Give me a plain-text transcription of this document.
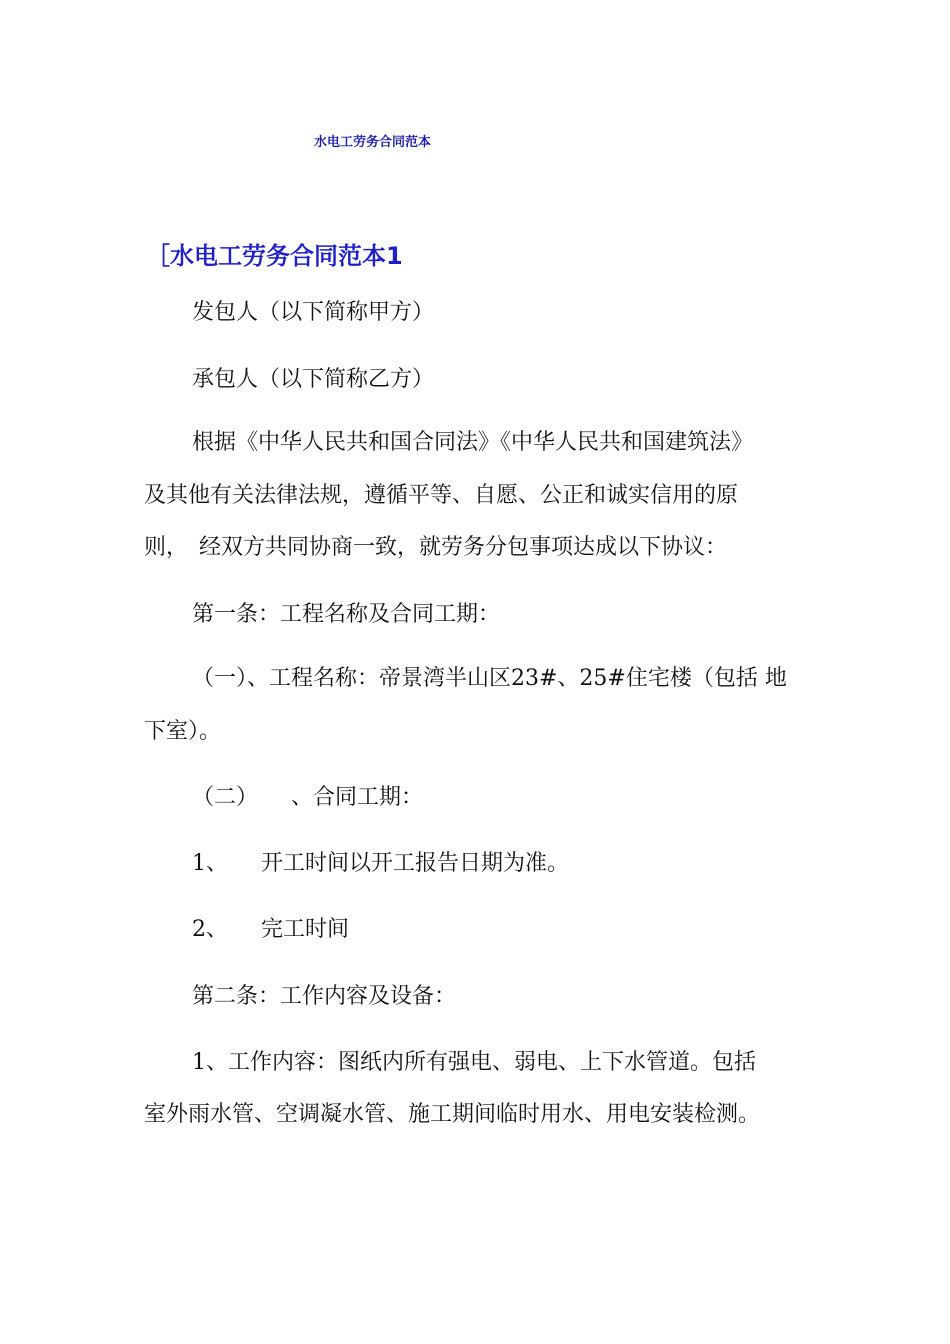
水电工劳务合同范本
［水电工劳务合同范本1
发包人（以下简称甲方）
承包人（以下简称乙方）
根据《中华人民共和国合同法》《中华人民共和国建筑法》
及其他有关法律法规，遵循平等、自愿、公正和诚实信用的原
则，　经双方共同协商一致，就劳务分包事项达成以下协议：
第一条：工程名称及合同工期：
（一）、工程名称：帝景湾半山区23#、25#住宅楼（包括 地
下室）。
（二）　　、合同工期：
1、　　开工时间以开工报告日期为准。
2、　　完工时间
第二条：工作内容及设备：
1、工作内容：图纸内所有强电、弱电、上下水管道。包括
室外雨水管、空调凝水管、施工期间临时用水、用电安装检测。
